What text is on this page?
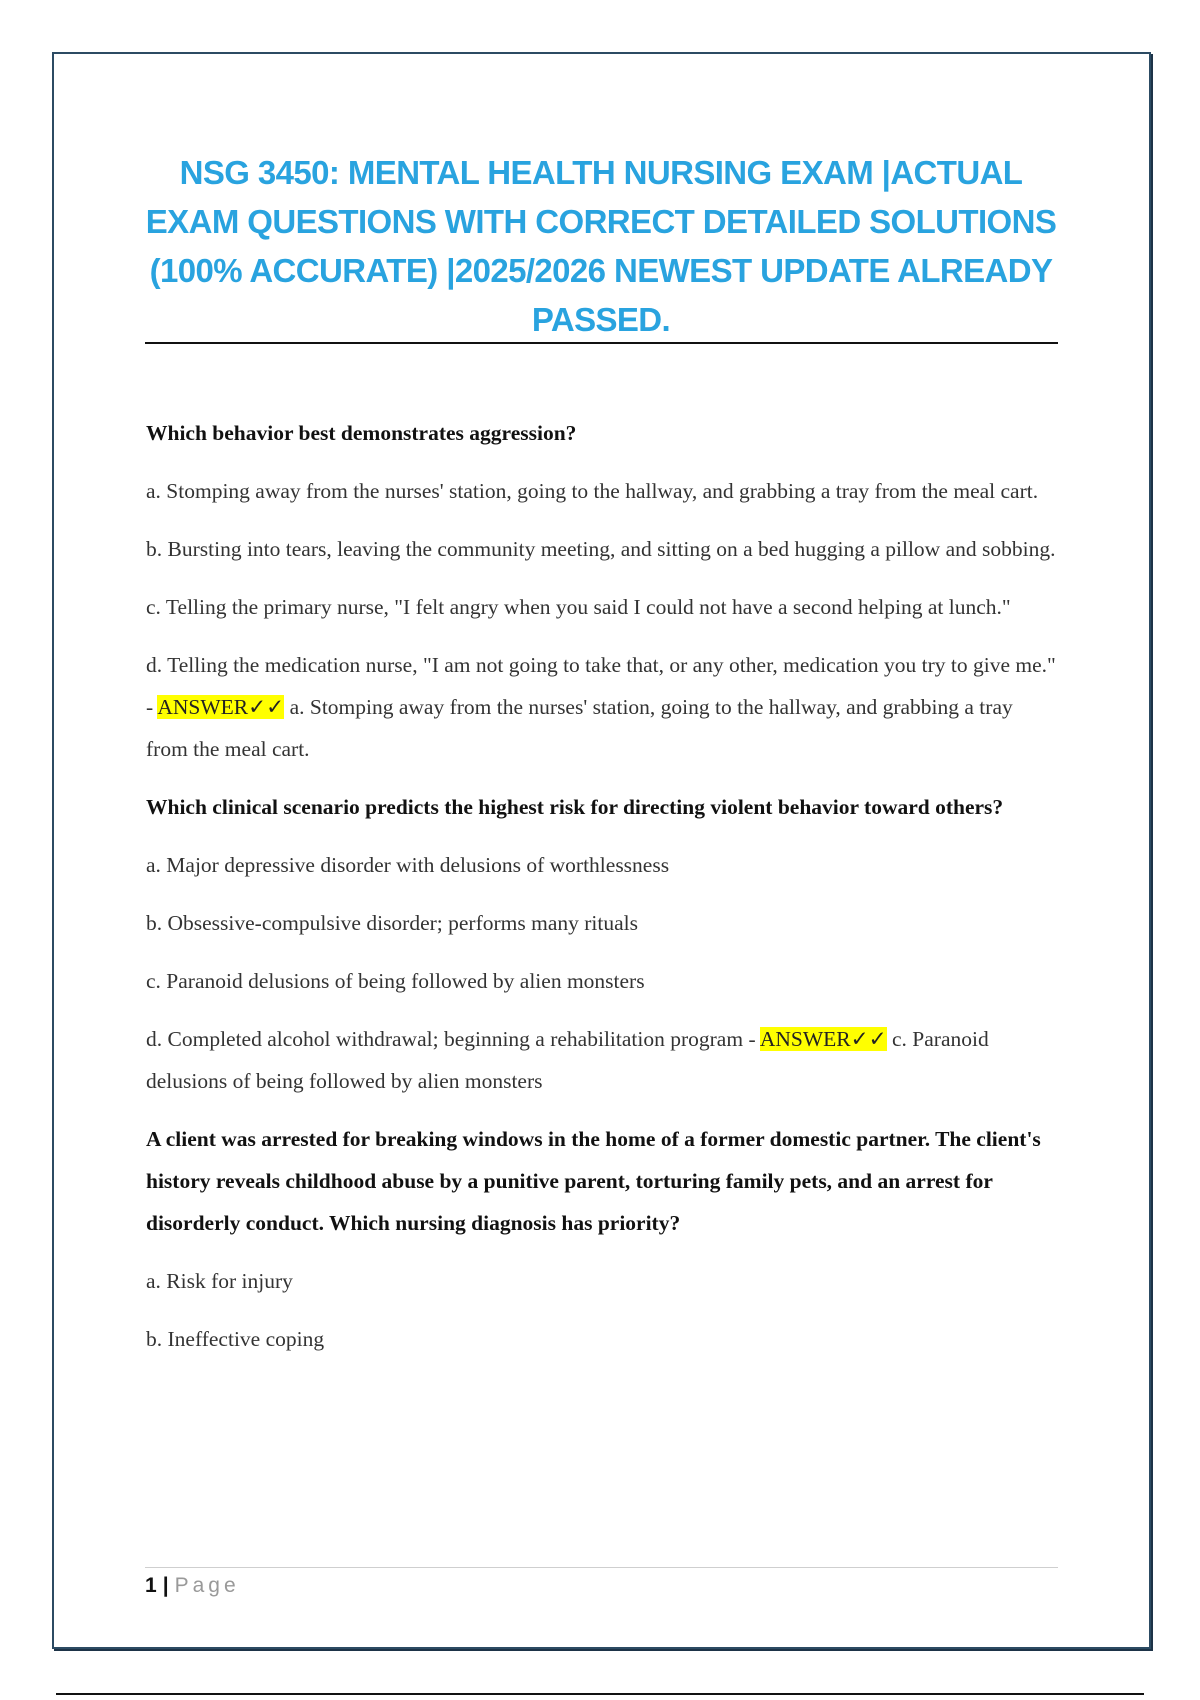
NSG 3450: MENTAL HEALTH NURSING EXAM |ACTUAL EXAM QUESTIONS WITH CORRECT DETAILED SOLUTIONS (100% ACCURATE) |2025/2026 NEWEST UPDATE ALREADY PASSED.

Which behavior best demonstrates aggression?

a. Stomping away from the nurses' station, going to the hallway, and grabbing a tray from the meal cart.

b. Bursting into tears, leaving the community meeting, and sitting on a bed hugging a pillow and sobbing.

c. Telling the primary nurse, "I felt angry when you said I could not have a second helping at lunch."

d. Telling the medication nurse, "I am not going to take that, or any other, medication you try to give me." - ANSWER✓✓ a. Stomping away from the nurses' station, going to the hallway, and grabbing a tray from the meal cart.

Which clinical scenario predicts the highest risk for directing violent behavior toward others?

a. Major depressive disorder with delusions of worthlessness

b. Obsessive-compulsive disorder; performs many rituals

c. Paranoid delusions of being followed by alien monsters

d. Completed alcohol withdrawal; beginning a rehabilitation program - ANSWER✓✓ c. Paranoid delusions of being followed by alien monsters

A client was arrested for breaking windows in the home of a former domestic partner. The client's history reveals childhood abuse by a punitive parent, torturing family pets, and an arrest for disorderly conduct. Which nursing diagnosis has priority?

a. Risk for injury

b. Ineffective coping

1 | Page
